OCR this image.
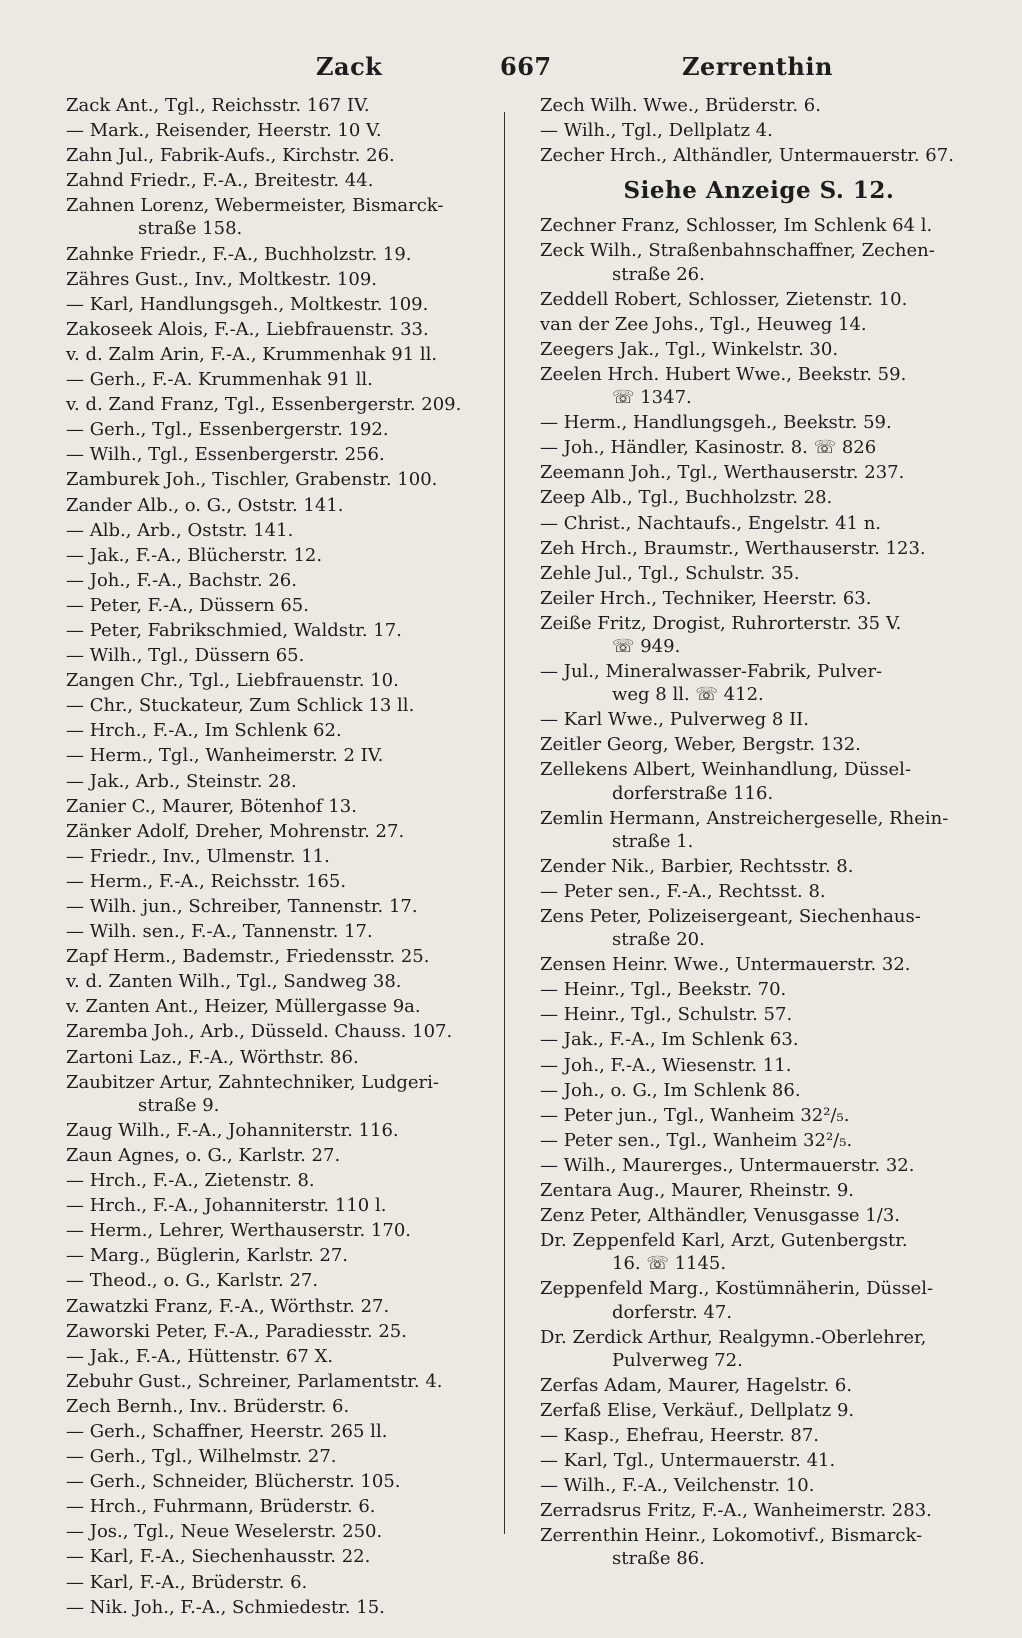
Zack	667	Zerrenthin
Zack Ant., Tgl., Reichsstr. 167 IV.
— Mark., Reisender, Heerstr. 10 V.
Zahn Jul., Fabrik-Aufs., Kirchstr. 26.
Zahnd Friedr., F.-A., Breitestr. 44.
Zahnen Lorenz, Webermeister, Bismarck-
straße 158.
Zahnke Friedr., F.-A., Buchholzstr. 19.
Zähres Gust., Inv., Moltkestr. 109.
— Karl, Handlungsgeh., Moltkestr. 109.
Zakoseek Alois, F.-A., Liebfrauenstr. 33.
v. d. Zalm Arin, F.-A., Krummenhak 91 ll.
— Gerh., F.-A. Krummenhak 91 ll.
v. d. Zand Franz, Tgl., Essenbergerstr. 209.
— Gerh., Tgl., Essenbergerstr. 192.
— Wilh., Tgl., Essenbergerstr. 256.
Zamburek Joh., Tischler, Grabenstr. 100.
Zander Alb., o. G., Oststr. 141.
— Alb., Arb., Oststr. 141.
— Jak., F.-A., Blücherstr. 12.
— Joh., F.-A., Bachstr. 26.
— Peter, F.-A., Düssern 65.
— Peter, Fabrikschmied, Waldstr. 17.
— Wilh., Tgl., Düssern 65.
Zangen Chr., Tgl., Liebfrauenstr. 10.
— Chr., Stuckateur, Zum Schlick 13 ll.
— Hrch., F.-A., Im Schlenk 62.
— Herm., Tgl., Wanheimerstr. 2 IV.
— Jak., Arb., Steinstr. 28.
Zanier C., Maurer, Bötenhof 13.
Zänker Adolf, Dreher, Mohrenstr. 27.
— Friedr., Inv., Ulmenstr. 11.
— Herm., F.-A., Reichsstr. 165.
— Wilh. jun., Schreiber, Tannenstr. 17.
— Wilh. sen., F.-A., Tannenstr. 17.
Zapf Herm., Bademstr., Friedensstr. 25.
v. d. Zanten Wilh., Tgl., Sandweg 38.
v. Zanten Ant., Heizer, Müllergasse 9a.
Zaremba Joh., Arb., Düsseld. Chauss. 107.
Zartoni Laz., F.-A., Wörthstr. 86.
Zaubitzer Artur, Zahntechniker, Ludgeri-
straße 9.
Zaug Wilh., F.-A., Johanniterstr. 116.
Zaun Agnes, o. G., Karlstr. 27.
— Hrch., F.-A., Zietenstr. 8.
— Hrch., F.-A., Johanniterstr. 110 l.
— Herm., Lehrer, Werthauserstr. 170.
— Marg., Büglerin, Karlstr. 27.
— Theod., o. G., Karlstr. 27.
Zawatzki Franz, F.-A., Wörthstr. 27.
Zaworski Peter, F.-A., Paradiesstr. 25.
— Jak., F.-A., Hüttenstr. 67 X.
Zebuhr Gust., Schreiner, Parlamentstr. 4.
Zech Bernh., Inv.. Brüderstr. 6.
— Gerh., Schaffner, Heerstr. 265 ll.
— Gerh., Tgl., Wilhelmstr. 27.
— Gerh., Schneider, Blücherstr. 105.
— Hrch., Fuhrmann, Brüderstr. 6.
— Jos., Tgl., Neue Weselerstr. 250.
— Karl, F.-A., Siechenhausstr. 22.
— Karl, F.-A., Brüderstr. 6.
— Nik. Joh., F.-A., Schmiedestr. 15.
Zech Wilh. Wwe., Brüderstr. 6.
— Wilh., Tgl., Dellplatz 4.
Zecher Hrch., Althändler, Untermauerstr. 67.
Siehe Anzeige S. 12.
Zechner Franz, Schlosser, Im Schlenk 64 l.
Zeck Wilh., Straßenbahnschaffner, Zechen-
straße 26.
Zeddell Robert, Schlosser, Zietenstr. 10.
van der Zee Johs., Tgl., Heuweg 14.
Zeegers Jak., Tgl., Winkelstr. 30.
Zeelen Hrch. Hubert Wwe., Beekstr. 59.
☏ 1347.
— Herm., Handlungsgeh., Beekstr. 59.
— Joh., Händler, Kasinostr. 8. ☏ 826
Zeemann Joh., Tgl., Werthauserstr. 237.
Zeep Alb., Tgl., Buchholzstr. 28.
— Christ., Nachtaufs., Engelstr. 41 n.
Zeh Hrch., Braumstr., Werthauserstr. 123.
Zehle Jul., Tgl., Schulstr. 35.
Zeiler Hrch., Techniker, Heerstr. 63.
Zeiße Fritz, Drogist, Ruhrorterstr. 35 V.
☏ 949.
— Jul., Mineralwasser-Fabrik, Pulver-
weg 8 ll. ☏ 412.
— Karl Wwe., Pulverweg 8 II.
Zeitler Georg, Weber, Bergstr. 132.
Zellekens Albert, Weinhandlung, Düssel-
dorferstraße 116.
Zemlin Hermann, Anstreichergeselle, Rhein-
straße 1.
Zender Nik., Barbier, Rechtsstr. 8.
— Peter sen., F.-A., Rechtsst. 8.
Zens Peter, Polizeisergeant, Siechenhaus-
straße 20.
Zensen Heinr. Wwe., Untermauerstr. 32.
— Heinr., Tgl., Beekstr. 70.
— Heinr., Tgl., Schulstr. 57.
— Jak., F.-A., Im Schlenk 63.
— Joh., F.-A., Wiesenstr. 11.
— Joh., o. G., Im Schlenk 86.
— Peter jun., Tgl., Wanheim 32²/₅.
— Peter sen., Tgl., Wanheim 32²/₅.
— Wilh., Maurerges., Untermauerstr. 32.
Zentara Aug., Maurer, Rheinstr. 9.
Zenz Peter, Althändler, Venusgasse 1/3.
Dr. Zeppenfeld Karl, Arzt, Gutenbergstr.
16. ☏ 1145.
Zeppenfeld Marg., Kostümnäherin, Düssel-
dorferstr. 47.
Dr. Zerdick Arthur, Realgymn.-Oberlehrer,
Pulverweg 72.
Zerfas Adam, Maurer, Hagelstr. 6.
Zerfaß Elise, Verkäuf., Dellplatz 9.
— Kasp., Ehefrau, Heerstr. 87.
— Karl, Tgl., Untermauerstr. 41.
— Wilh., F.-A., Veilchenstr. 10.
Zerradsrus Fritz, F.-A., Wanheimerstr. 283.
Zerrenthin Heinr., Lokomotivf., Bismarck-
straße 86.
